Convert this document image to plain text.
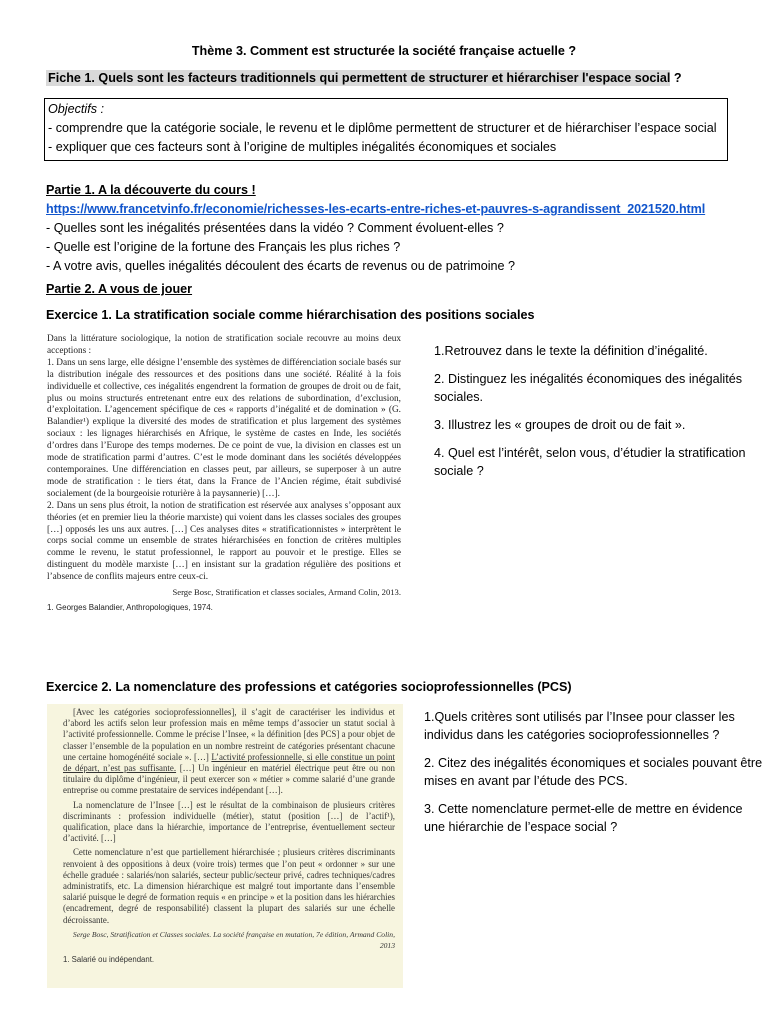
Thème 3. Comment est structurée la société française actuelle ?
Fiche 1. Quels sont les facteurs traditionnels qui permettent de structurer et hiérarchiser l'espace social ?
Objectifs :
- comprendre que la catégorie sociale, le revenu et le diplôme permettent de structurer et de hiérarchiser l’espace social
- expliquer que ces facteurs sont à l’origine de multiples inégalités économiques et sociales
Partie 1. A la découverte du cours !
https://www.francetvinfo.fr/economie/richesses-les-ecarts-entre-riches-et-pauvres-s-agrandissent_2021520.html
- Quelles sont les inégalités présentées dans la vidéo ? Comment évoluent-elles ?
- Quelle est l’origine de la fortune des Français les plus riches ?
- A votre avis, quelles inégalités découlent des écarts de revenus ou de patrimoine ?
Partie 2. A vous de jouer
Exercice 1. La stratification sociale comme hiérarchisation des positions sociales

Dans la littérature sociologique, la notion de stratification sociale recouvre au moins deux acceptions :

1. Dans un sens large, elle désigne l’ensemble des systèmes de différenciation sociale basés sur la distribution inégale des ressources et des positions dans une société. Réalité à la fois individuelle et collective, ces inégalités engendrent la formation de groupes de droit ou de fait, plus ou moins structurés entretenant entre eux des relations de subordination, d’exclusion, d’exploitation. L’agencement spécifique de ces « rapports d’inégalité et de domination » (G. Balandier¹) explique la diversité des modes de stratification et plus largement des systèmes sociaux : les lignages hiérarchisés en Afrique, le système de castes en Inde, les sociétés d’ordres dans l’Europe des temps modernes. De ce point de vue, la division en classes est un mode de stratification parmi d’autres. C’est le mode dominant dans les sociétés développées contemporaines. Une différenciation en classes peut, par ailleurs, se superposer à un autre mode de stratification : le tiers état, dans la France de l’Ancien régime, était subdivisé socialement (de la bourgeoisie roturière à la paysannerie) […].

2. Dans un sens plus étroit, la notion de stratification est réservée aux analyses s’opposant aux théories (et en premier lieu la théorie marxiste) qui voient dans les classes sociales des groupes […] opposés les uns aux autres. […] Ces analyses dites « stratificationnistes » interprètent le corps social comme un ensemble de strates hiérarchisées en fonction de critères multiples comme le revenu, le statut professionnel, le rapport au pouvoir et le prestige. Elles se distinguent du modèle marxiste […] en insistant sur la gradation régulière des positions et l’absence de conflits majeurs entre ceux-ci.

Serge Bosc, Stratification et classes sociales, Armand Colin, 2013.
1. Georges Balandier, Anthropologiques, 1974.
1.Retrouvez dans le texte la définition d’inégalité.
2. Distinguez les inégalités économiques des inégalités sociales.
3. Illustrez les « groupes de droit ou de fait ».
4. Quel est l’intérêt, selon vous, d’étudier la stratification sociale ?
Exercice 2. La nomenclature des professions et catégories socioprofessionnelles (PCS)

[Avec les catégories socioprofessionnelles], il s’agit de caractériser les individus et d’abord les actifs selon leur profession mais en même temps d’associer un statut social à l’activité professionnelle. Comme le précise l’Insee, « la définition [des PCS] a pour objet de classer l’ensemble de la population en un nombre restreint de catégories présentant chacune une certaine homogénéité sociale ». […] L’activité professionnelle, si elle constitue un point de départ, n’est pas suffisante. […] Un ingénieur en matériel électrique peut être ou non titulaire du diplôme d’ingénieur, il peut exercer son « métier » comme salarié d’une grande entreprise ou comme prestataire de services indépendant […].

La nomenclature de l’Insee […] est le résultat de la combinaison de plusieurs critères discriminants : profession individuelle (métier), statut (position […] de l’actif¹), qualification, place dans la hiérarchie, importance de l’entreprise, éventuellement secteur d’activité. […]

Cette nomenclature n’est que partiellement hiérarchisée ; plusieurs critères discriminants renvoient à des oppositions à deux (voire trois) termes que l’on peut « ordonner » sur une échelle graduée : salariés/non salariés, secteur public/secteur privé, cadres techniques/cadres administratifs, etc. La dimension hiérarchique est malgré tout importante dans l’ensemble salarié puisque le degré de formation requis « en principe » et la position dans les hiérarchies (encadrement, degré de responsabilité) classent la plupart des salariés sur une échelle décroissante.

Serge Bosc, Stratification et Classes sociales. La société française en mutation, 7e édition, Armand Colin, 2013

1. Salarié ou indépendant.

1.Quels critères sont utilisés par l’Insee pour classer les individus dans les catégories socioprofessionnelles ?
2. Citez des inégalités économiques et sociales pouvant être mises en avant par l’étude des PCS.
3. Cette nomenclature permet-elle de mettre en évidence une hiérarchie de l’espace social ?
